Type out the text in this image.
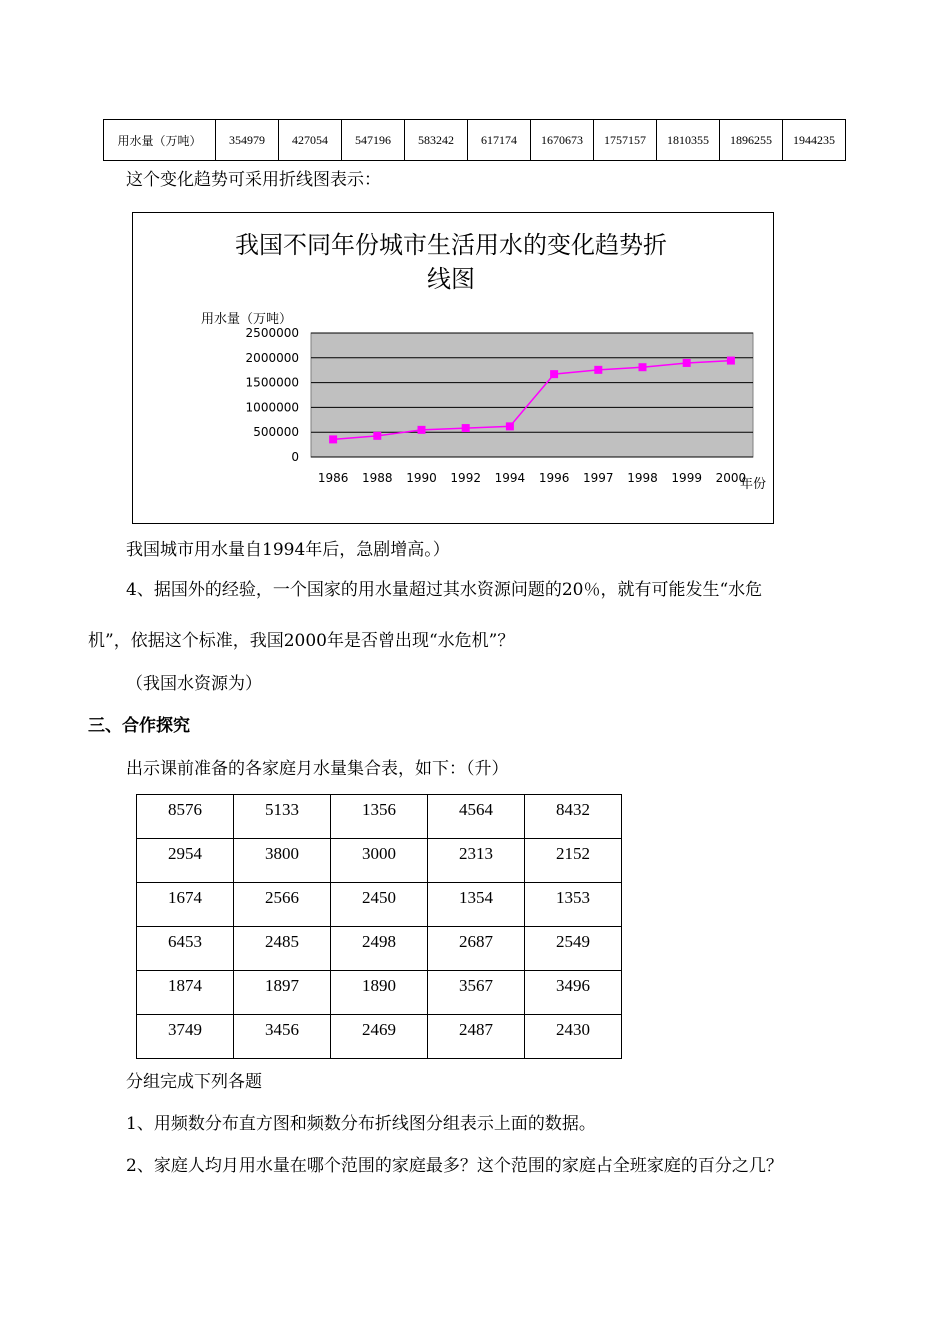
用水量（万吨）	354979	427054	547196	583242	617174	1670673	1757157	1810355	1896255	1944235
这个变化趋势可采用折线图表示：
我国不同年份城市生活用水的变化趋势折
线图
用水量（万吨）
年份
2500000
2000000
1500000
1000000
500000
0
1986 1988 1990 1992 1994 1996 1997 1998 1999 2000
我国城市用水量自1994年后，急剧增高。）
4、据国外的经验，一个国家的用水量超过其水资源问题的20％，就有可能发生“水危
机”，依据这个标准，我国2000年是否曾出现“水危机”？
（我国水资源为）
三、合作探究
出示课前准备的各家庭月水量集合表，如下：（升）
8576	5133	1356	4564	8432
2954	3800	3000	2313	2152
1674	2566	2450	1354	1353
6453	2485	2498	2687	2549
1874	1897	1890	3567	3496
3749	3456	2469	2487	2430
分组完成下列各题
1、用频数分布直方图和频数分布折线图分组表示上面的数据。
2、家庭人均月用水量在哪个范围的家庭最多？这个范围的家庭占全班家庭的百分之几？
